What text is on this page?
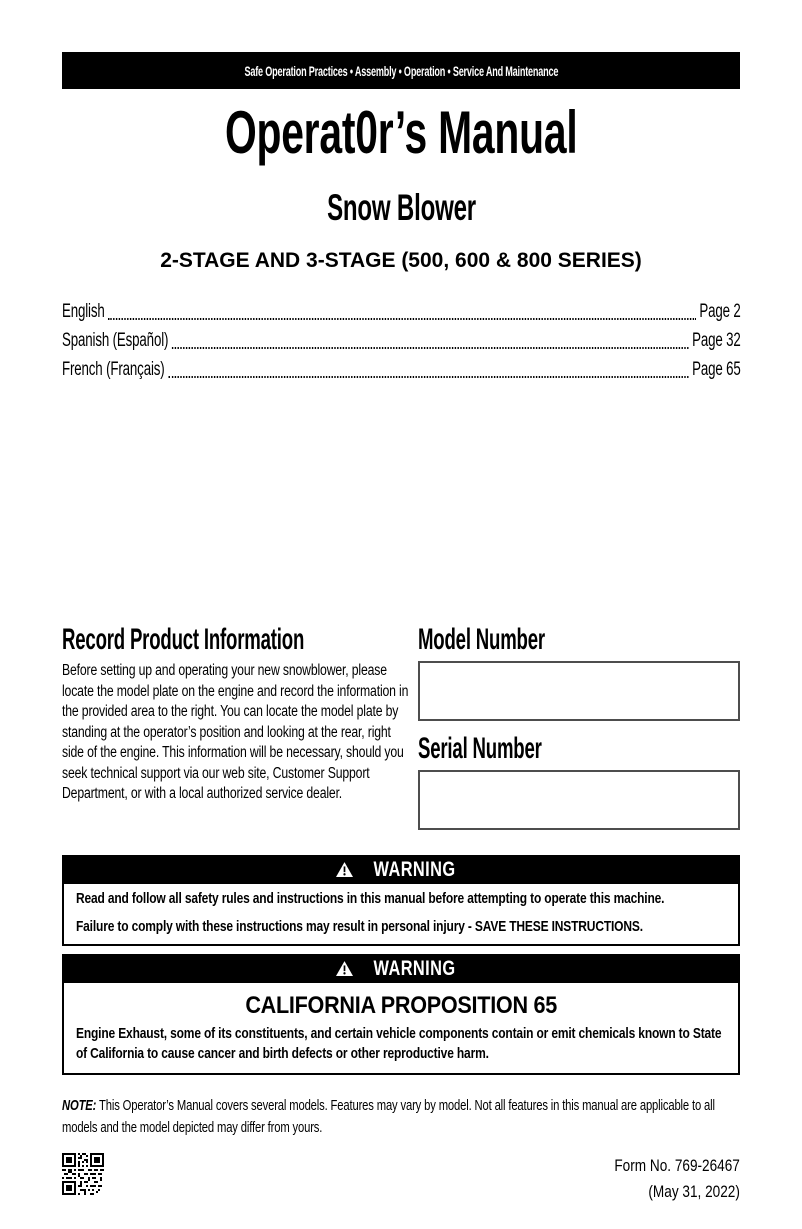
Safe Operation Practices • Assembly • Operation • Service And Maintenance
Operat0r’s Manual
Snow Blower
2-STAGE AND 3-STAGE (500, 600 & 800 SERIES)
English	Page 2
Spanish (Español)	Page 32
French (Français)	Page 65
Record Product Information
Before setting up and operating your new snowblower, please locate the model plate on the engine and record the information in the provided area to the right. You can locate the model plate by standing at the operator’s position and looking at the rear, right side of the engine. This information will be necessary, should you seek technical support via our web site, Customer Support Department, or with a local authorized service dealer.
Model Number
Serial Number
WARNING

Read and follow all safety rules and instructions in this manual before attempting to operate this machine.

Failure to comply with these instructions may result in personal injury - SAVE THESE INSTRUCTIONS.

WARNING
CALIFORNIA PROPOSITION 65
Engine Exhaust, some of its constituents, and certain vehicle components contain or emit chemicals known to State of California to cause cancer and birth defects or other reproductive harm.
NOTE: This Operator’s Manual covers several models. Features may vary by model. Not all features in this manual are applicable to all models and the model depicted may differ from yours.
Form No. 769-26467
(May 31, 2022)
